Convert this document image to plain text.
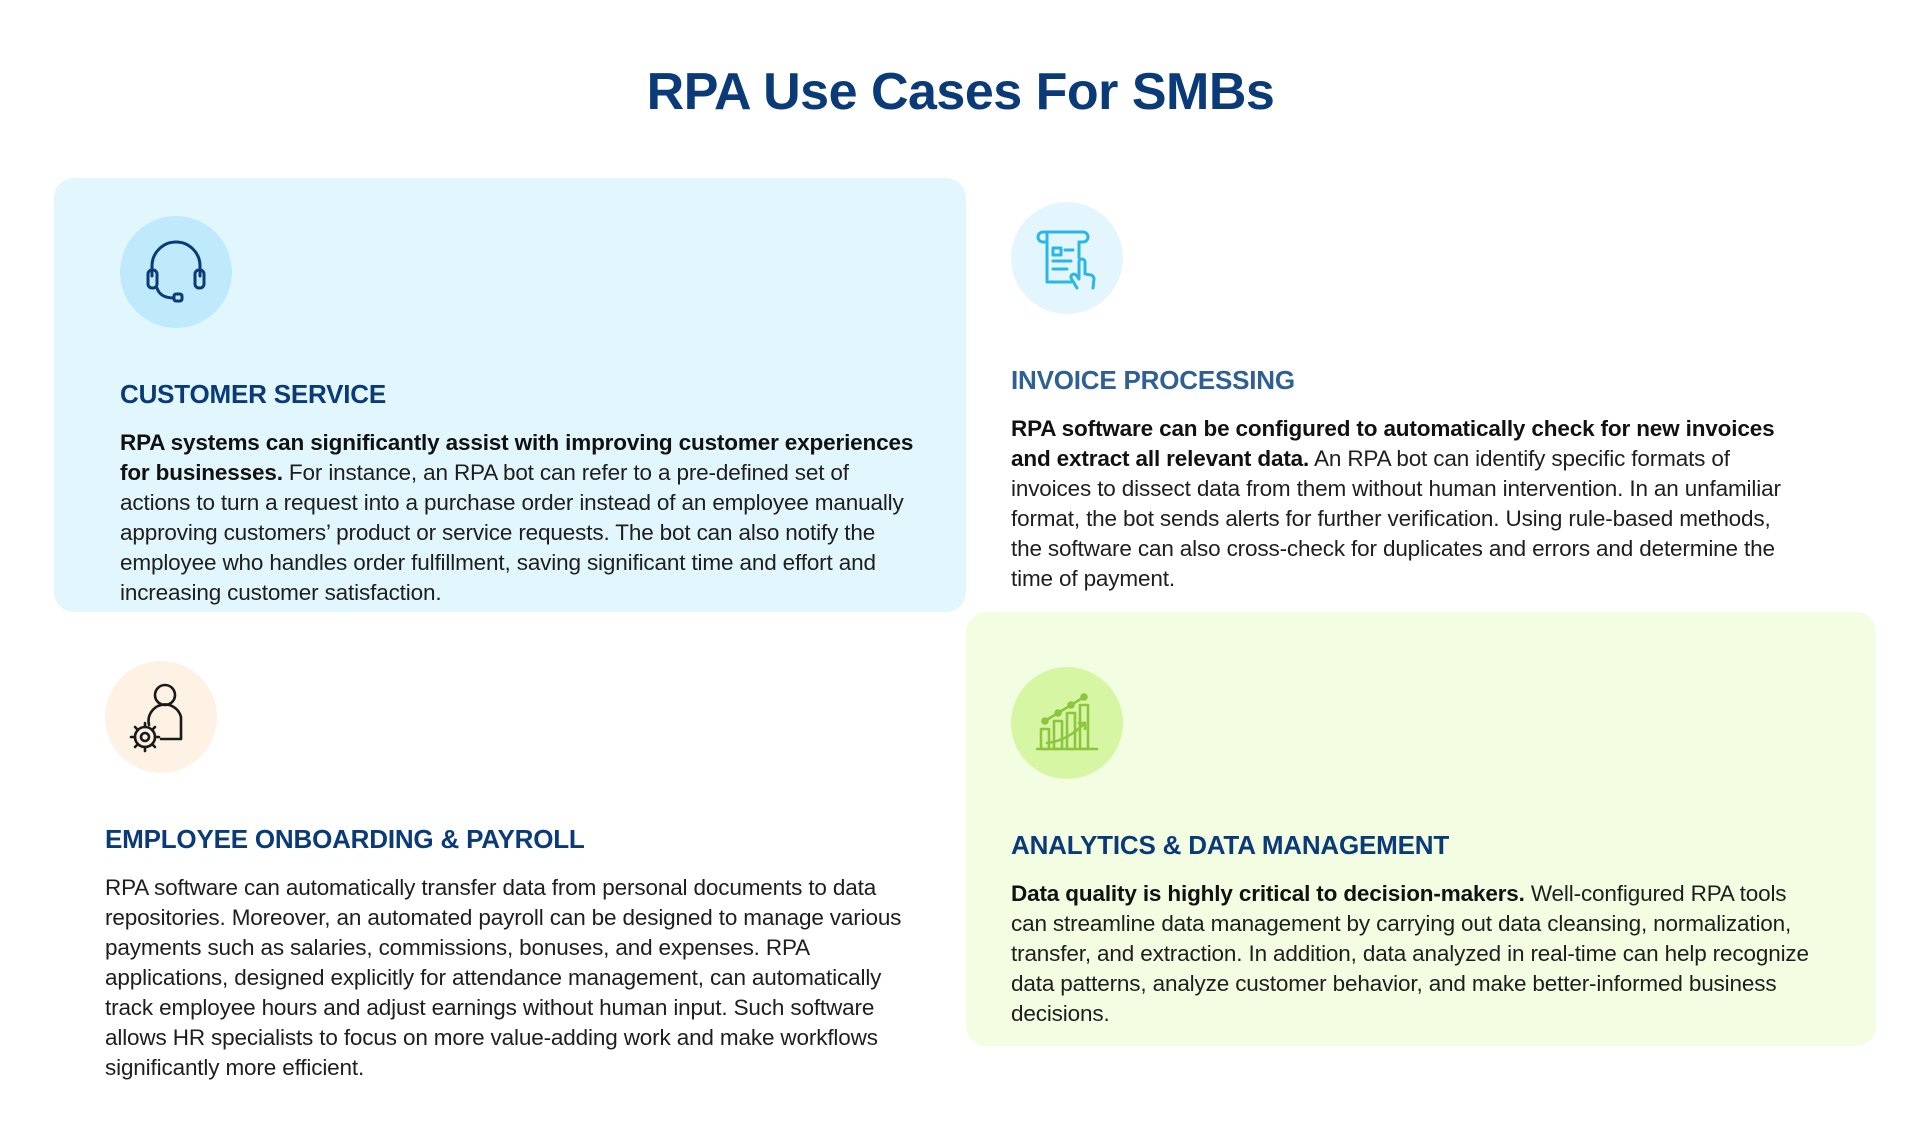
RPA Use Cases For SMBs
CUSTOMER SERVICE

RPA systems can significantly assist with improving customer experiences for businesses. For instance, an RPA bot can refer to a pre-defined set of actions to turn a request into a purchase order instead of an employee manually approving customers’ product or service requests. The bot can also notify the employee who handles order fulfillment, saving significant time and effort and increasing customer satisfaction.

INVOICE PROCESSING

RPA software can be configured to automatically check for new invoices and extract all relevant data. An RPA bot can identify specific formats of invoices to dissect data from them without human intervention. In an unfamiliar format, the bot sends alerts for further verification. Using rule-based methods, the software can also cross-check for duplicates and errors and determine the time of payment.

EMPLOYEE ONBOARDING & PAYROLL

RPA software can automatically transfer data from personal documents to data repositories. Moreover, an automated payroll can be designed to manage various payments such as salaries, commissions, bonuses, and expenses. RPA applications, designed explicitly for attendance management, can automatically track employee hours and adjust earnings without human input. Such software allows HR specialists to focus on more value-adding work and make workflows significantly more efficient.

ANALYTICS & DATA MANAGEMENT

Data quality is highly critical to decision-makers. Well-configured RPA tools can streamline data management by carrying out data cleansing, normalization, transfer, and extraction. In addition, data analyzed in real-time can help recognize data patterns, analyze customer behavior, and make better-informed business decisions.
